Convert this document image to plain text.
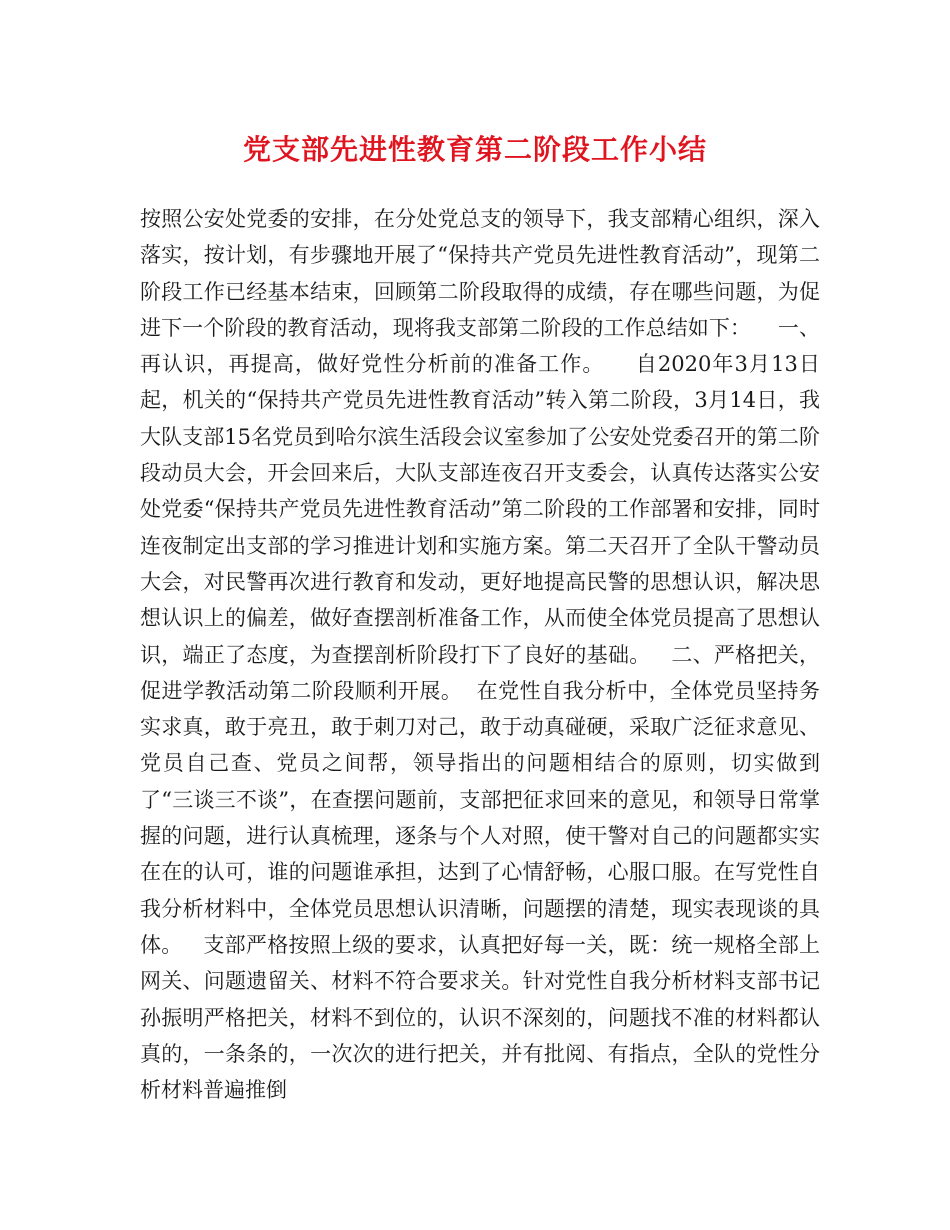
党支部先进性教育第二阶段工作小结

按照公安处党委的安排，在分处党总支的领导下，我支部精心组织，深入落实，按计划，有步骤地开展了“保持共产党员先进性教育活动”，现第二阶段工作已经基本结束，回顾第二阶段取得的成绩，存在哪些问题，为促进下一个阶段的教育活动，现将我支部第二阶段的工作总结如下：    一、再认识，再提高，做好党性分析前的准备工作。    自2020年3月13日起，机关的“保持共产党员先进性教育活动”转入第二阶段，3月14日，我大队支部15名党员到哈尔滨生活段会议室参加了公安处党委召开的第二阶段动员大会，开会回来后，大队支部连夜召开支委会，认真传达落实公安处党委“保持共产党员先进性教育活动”第二阶段的工作部署和安排，同时连夜制定出支部的学习推进计划和实施方案。第二天召开了全队干警动员大会，对民警再次进行教育和发动，更好地提高民警的思想认识，解决思想认识上的偏差，做好查摆剖析准备工作，从而使全体党员提高了思想认识，端正了态度，为查摆剖析阶段打下了良好的基础。   二、严格把关，促进学教活动第二阶段顺利开展。  在党性自我分析中，全体党员坚持务实求真，敢于亮丑，敢于刺刀对己，敢于动真碰硬，采取广泛征求意见、党员自己查、党员之间帮，领导指出的问题相结合的原则，切实做到了“三谈三不谈”，在查摆问题前，支部把征求回来的意见，和领导日常掌握的问题，进行认真梳理，逐条与个人对照，使干警对自己的问题都实实在在的认可，谁的问题谁承担，达到了心情舒畅，心服口服。在写党性自我分析材料中，全体党员思想认识清晰，问题摆的清楚，现实表现谈的具体。   支部严格按照上级的要求，认真把好每一关，既：统一规格全部上网关、问题遗留关、材料不符合要求关。针对党性自我分析材料支部书记孙振明严格把关，材料不到位的，认识不深刻的，问题找不准的材料都认真的，一条条的，一次次的进行把关，并有批阅、有指点，全队的党性分析材料普遍推倒
